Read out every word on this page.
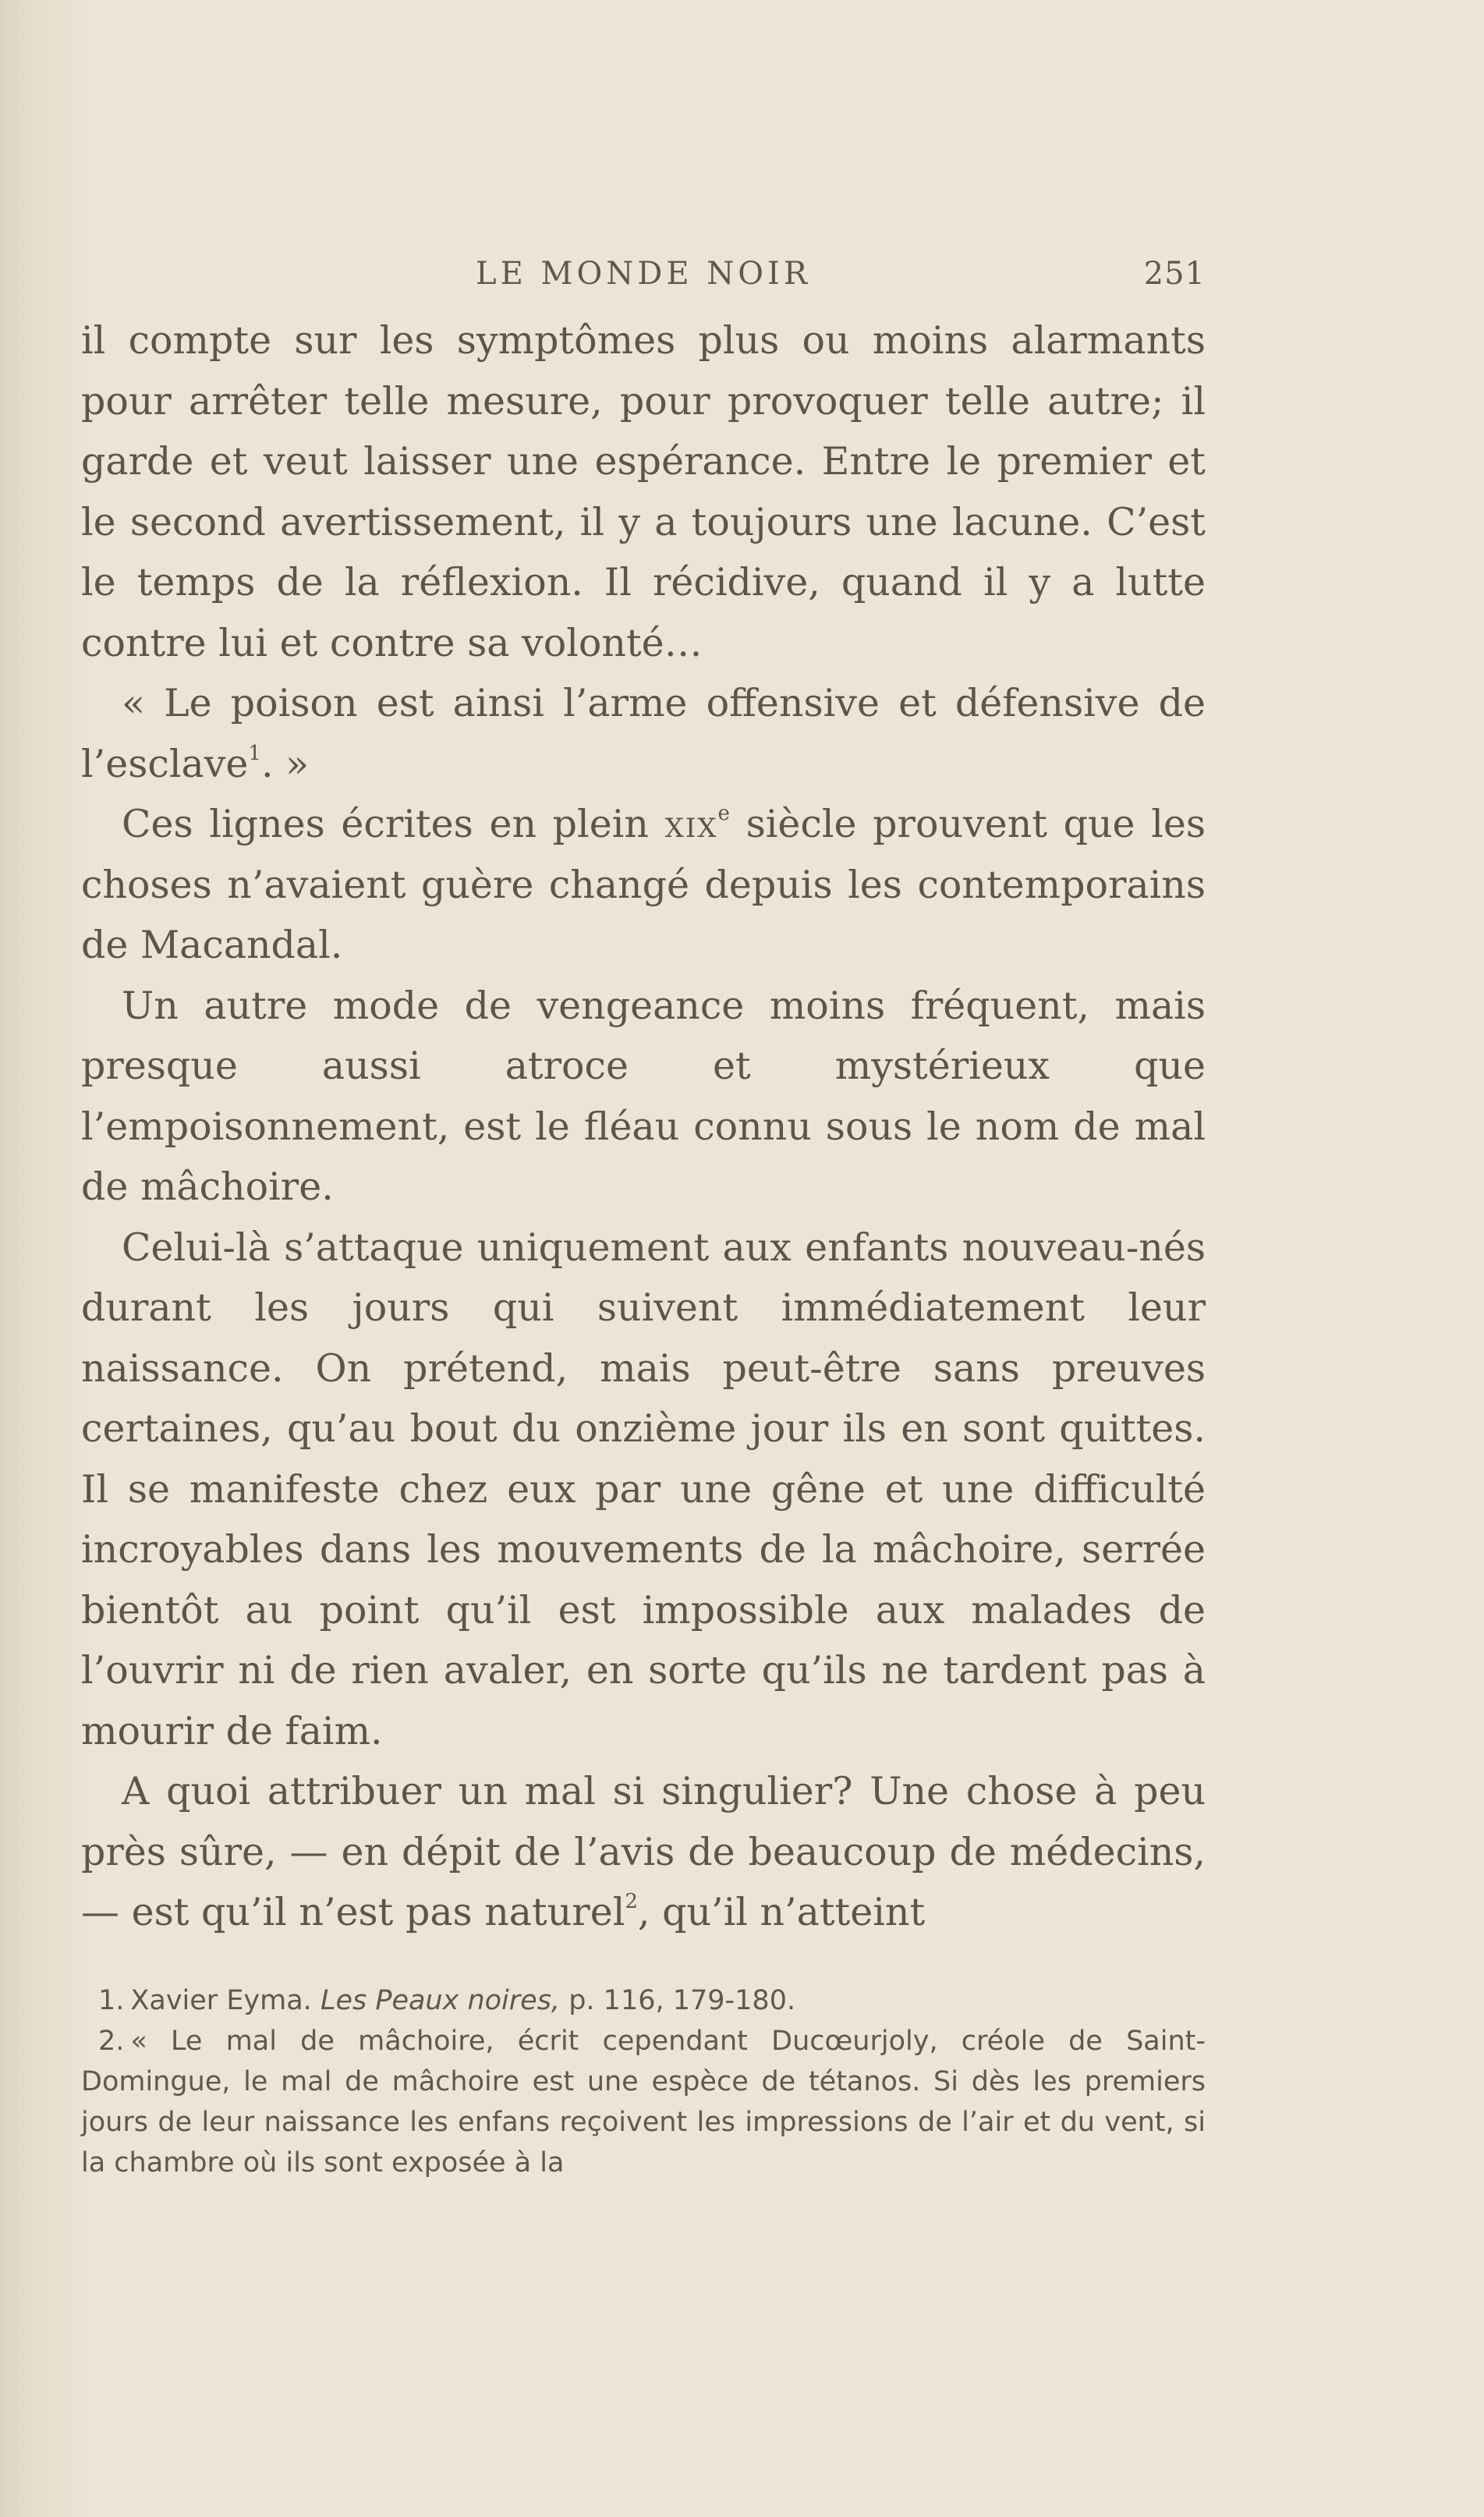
LE MONDE NOIR	251

il compte sur les symptômes plus ou moins alarmants pour arrêter telle mesure, pour provoquer telle autre; il garde et veut laisser une espérance. Entre le premier et le second avertissement, il y a toujours une lacune. C’est le temps de la réflexion. Il récidive, quand il y a lutte contre lui et contre sa volonté…

« Le poison est ainsi l’arme offensive et défensive de l’esclave$^1$. »

Ces lignes écrites en plein xix$^e$ siècle prouvent que les choses n’avaient guère changé depuis les contemporains de Macandal.

Un autre mode de vengeance moins fréquent, mais presque aussi atroce et mystérieux que l’empoisonnement, est le fléau connu sous le nom de mal de mâchoire.

Celui-là s’attaque uniquement aux enfants nouveau-nés durant les jours qui suivent immédiatement leur naissance. On prétend, mais peut-être sans preuves certaines, qu’au bout du onzième jour ils en sont quittes. Il se manifeste chez eux par une gêne et une difficulté incroyables dans les mouvements de la mâchoire, serrée bientôt au point qu’il est impossible aux malades de l’ouvrir ni de rien avaler, en sorte qu’ils ne tardent pas à mourir de faim.

A quoi attribuer un mal si singulier? Une chose à peu près sûre, — en dépit de l’avis de beaucoup de médecins, — est qu’il n’est pas naturel$^2$, qu’il n’atteint

1. Xavier Eyma. Les Peaux noires, p. 116, 179-180.

2. « Le mal de mâchoire, écrit cependant Ducœurjoly, créole de Saint-Domingue, le mal de mâchoire est une espèce de tétanos. Si dès les premiers jours de leur naissance les enfans reçoivent les impressions de l’air et du vent, si la chambre où ils sont exposée à la
